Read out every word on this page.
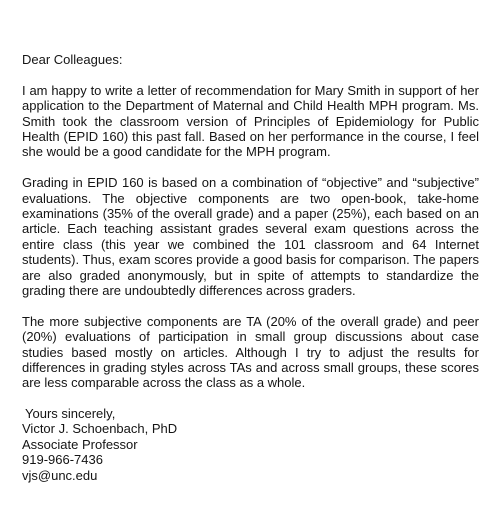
Dear Colleagues:

I am happy to write a letter of recommendation for Mary Smith in support of her application to the Department of Maternal and Child Health MPH program. Ms. Smith took the classroom version of Principles of Epidemiology for Public Health (EPID 160) this past fall. Based on her performance in the course, I feel she would be a good candidate for the MPH program.

Grading in EPID 160 is based on a combination of “objective” and “subjective” evaluations. The objective components are two open-book, take-home examinations (35% of the overall grade) and a paper (25%), each based on an article. Each teaching assistant grades several exam questions across the entire class (this year we combined the 101 classroom and 64 Internet students). Thus, exam scores provide a good basis for comparison. The papers are also graded anonymously, but in spite of attempts to standardize the grading there are undoubtedly differences across graders.

The more subjective components are TA (20% of the overall grade) and peer (20%) evaluations of participation in small group discussions about case studies based mostly on articles. Although I try to adjust the results for differences in grading styles across TAs and across small groups, these scores are less comparable across the class as a whole.

Yours sincerely,

Victor J. Schoenbach, PhD

Associate Professor

919-966-7436

vjs@unc.edu
